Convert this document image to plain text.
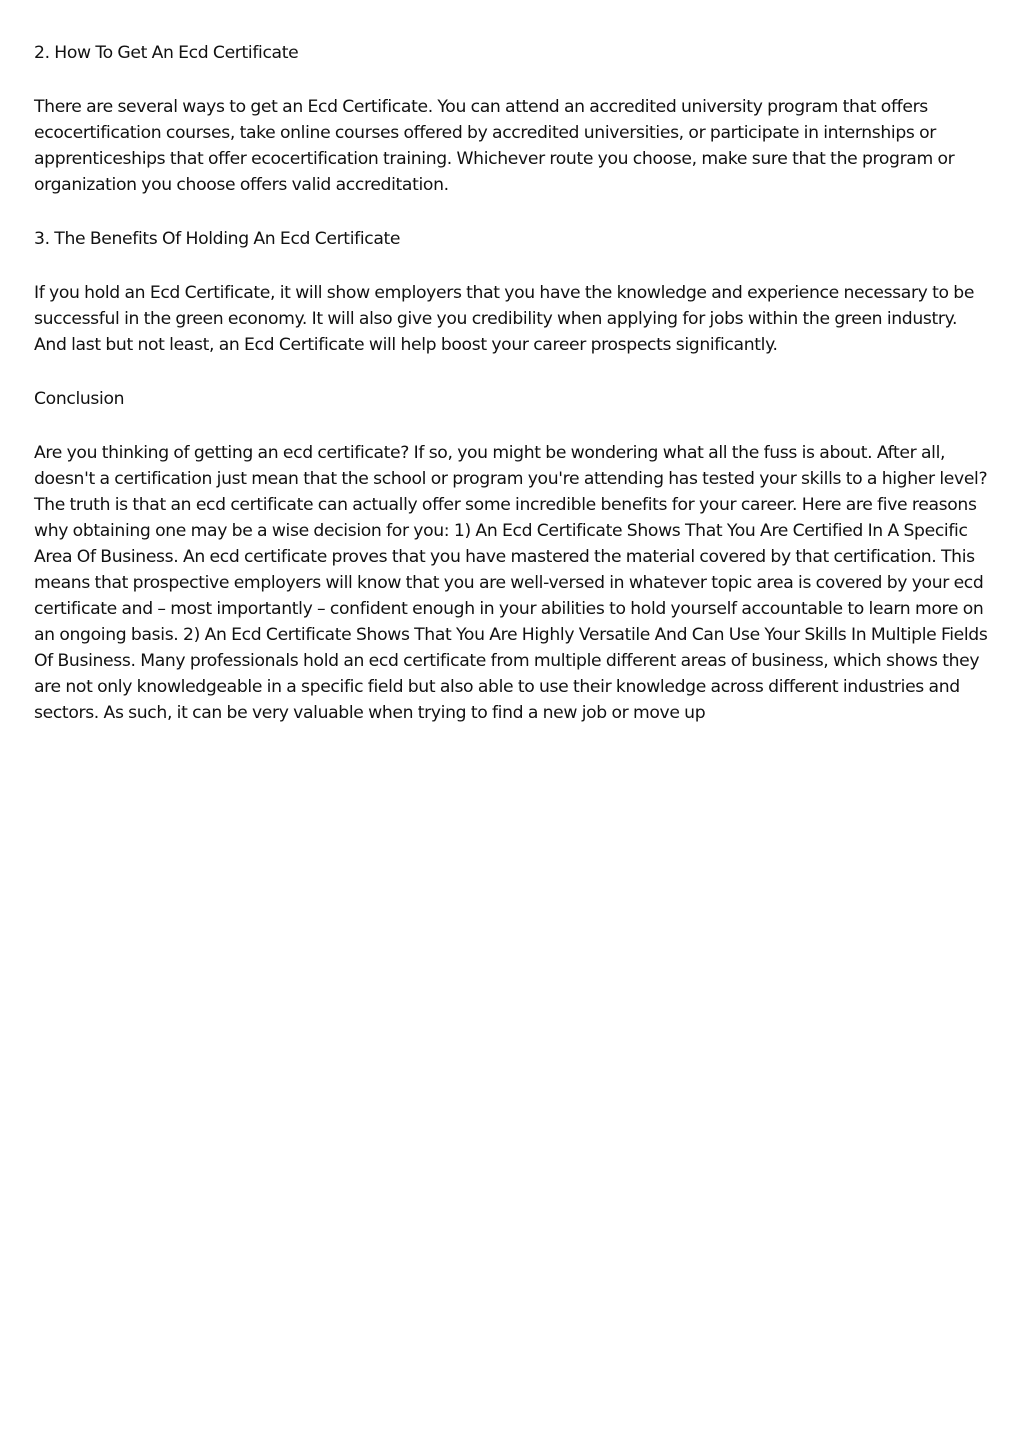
2. How To Get An Ecd Certificate

There are several ways to get an Ecd Certificate. You can attend an accredited university program that offers ecocertification courses, take online courses offered by accredited universities, or participate in internships or apprenticeships that offer ecocertification training. Whichever route you choose, make sure that the program or organization you choose offers valid accreditation.

3. The Benefits Of Holding An Ecd Certificate

If you hold an Ecd Certificate, it will show employers that you have the knowledge and experience necessary to be successful in the green economy. It will also give you credibility when applying for jobs within the green industry. And last but not least, an Ecd Certificate will help boost your career prospects significantly.

Conclusion

Are you thinking of getting an ecd certificate? If so, you might be wondering what all the fuss is about. After all, doesn't a certification just mean that the school or program you're attending has tested your skills to a higher level? The truth is that an ecd certificate can actually offer some incredible benefits for your career. Here are five reasons why obtaining one may be a wise decision for you: 1) An Ecd Certificate Shows That You Are Certified In A Specific Area Of Business. An ecd certificate proves that you have mastered the material covered by that certification. This means that prospective employers will know that you are well-versed in whatever topic area is covered by your ecd certificate and – most importantly – confident enough in your abilities to hold yourself accountable to learn more on an ongoing basis. 2) An Ecd Certificate Shows That You Are Highly Versatile And Can Use Your Skills In Multiple Fields Of Business. Many professionals hold an ecd certificate from multiple different areas of business, which shows they are not only knowledgeable in a specific field but also able to use their knowledge across different industries and sectors. As such, it can be very valuable when trying to find a new job or move up
